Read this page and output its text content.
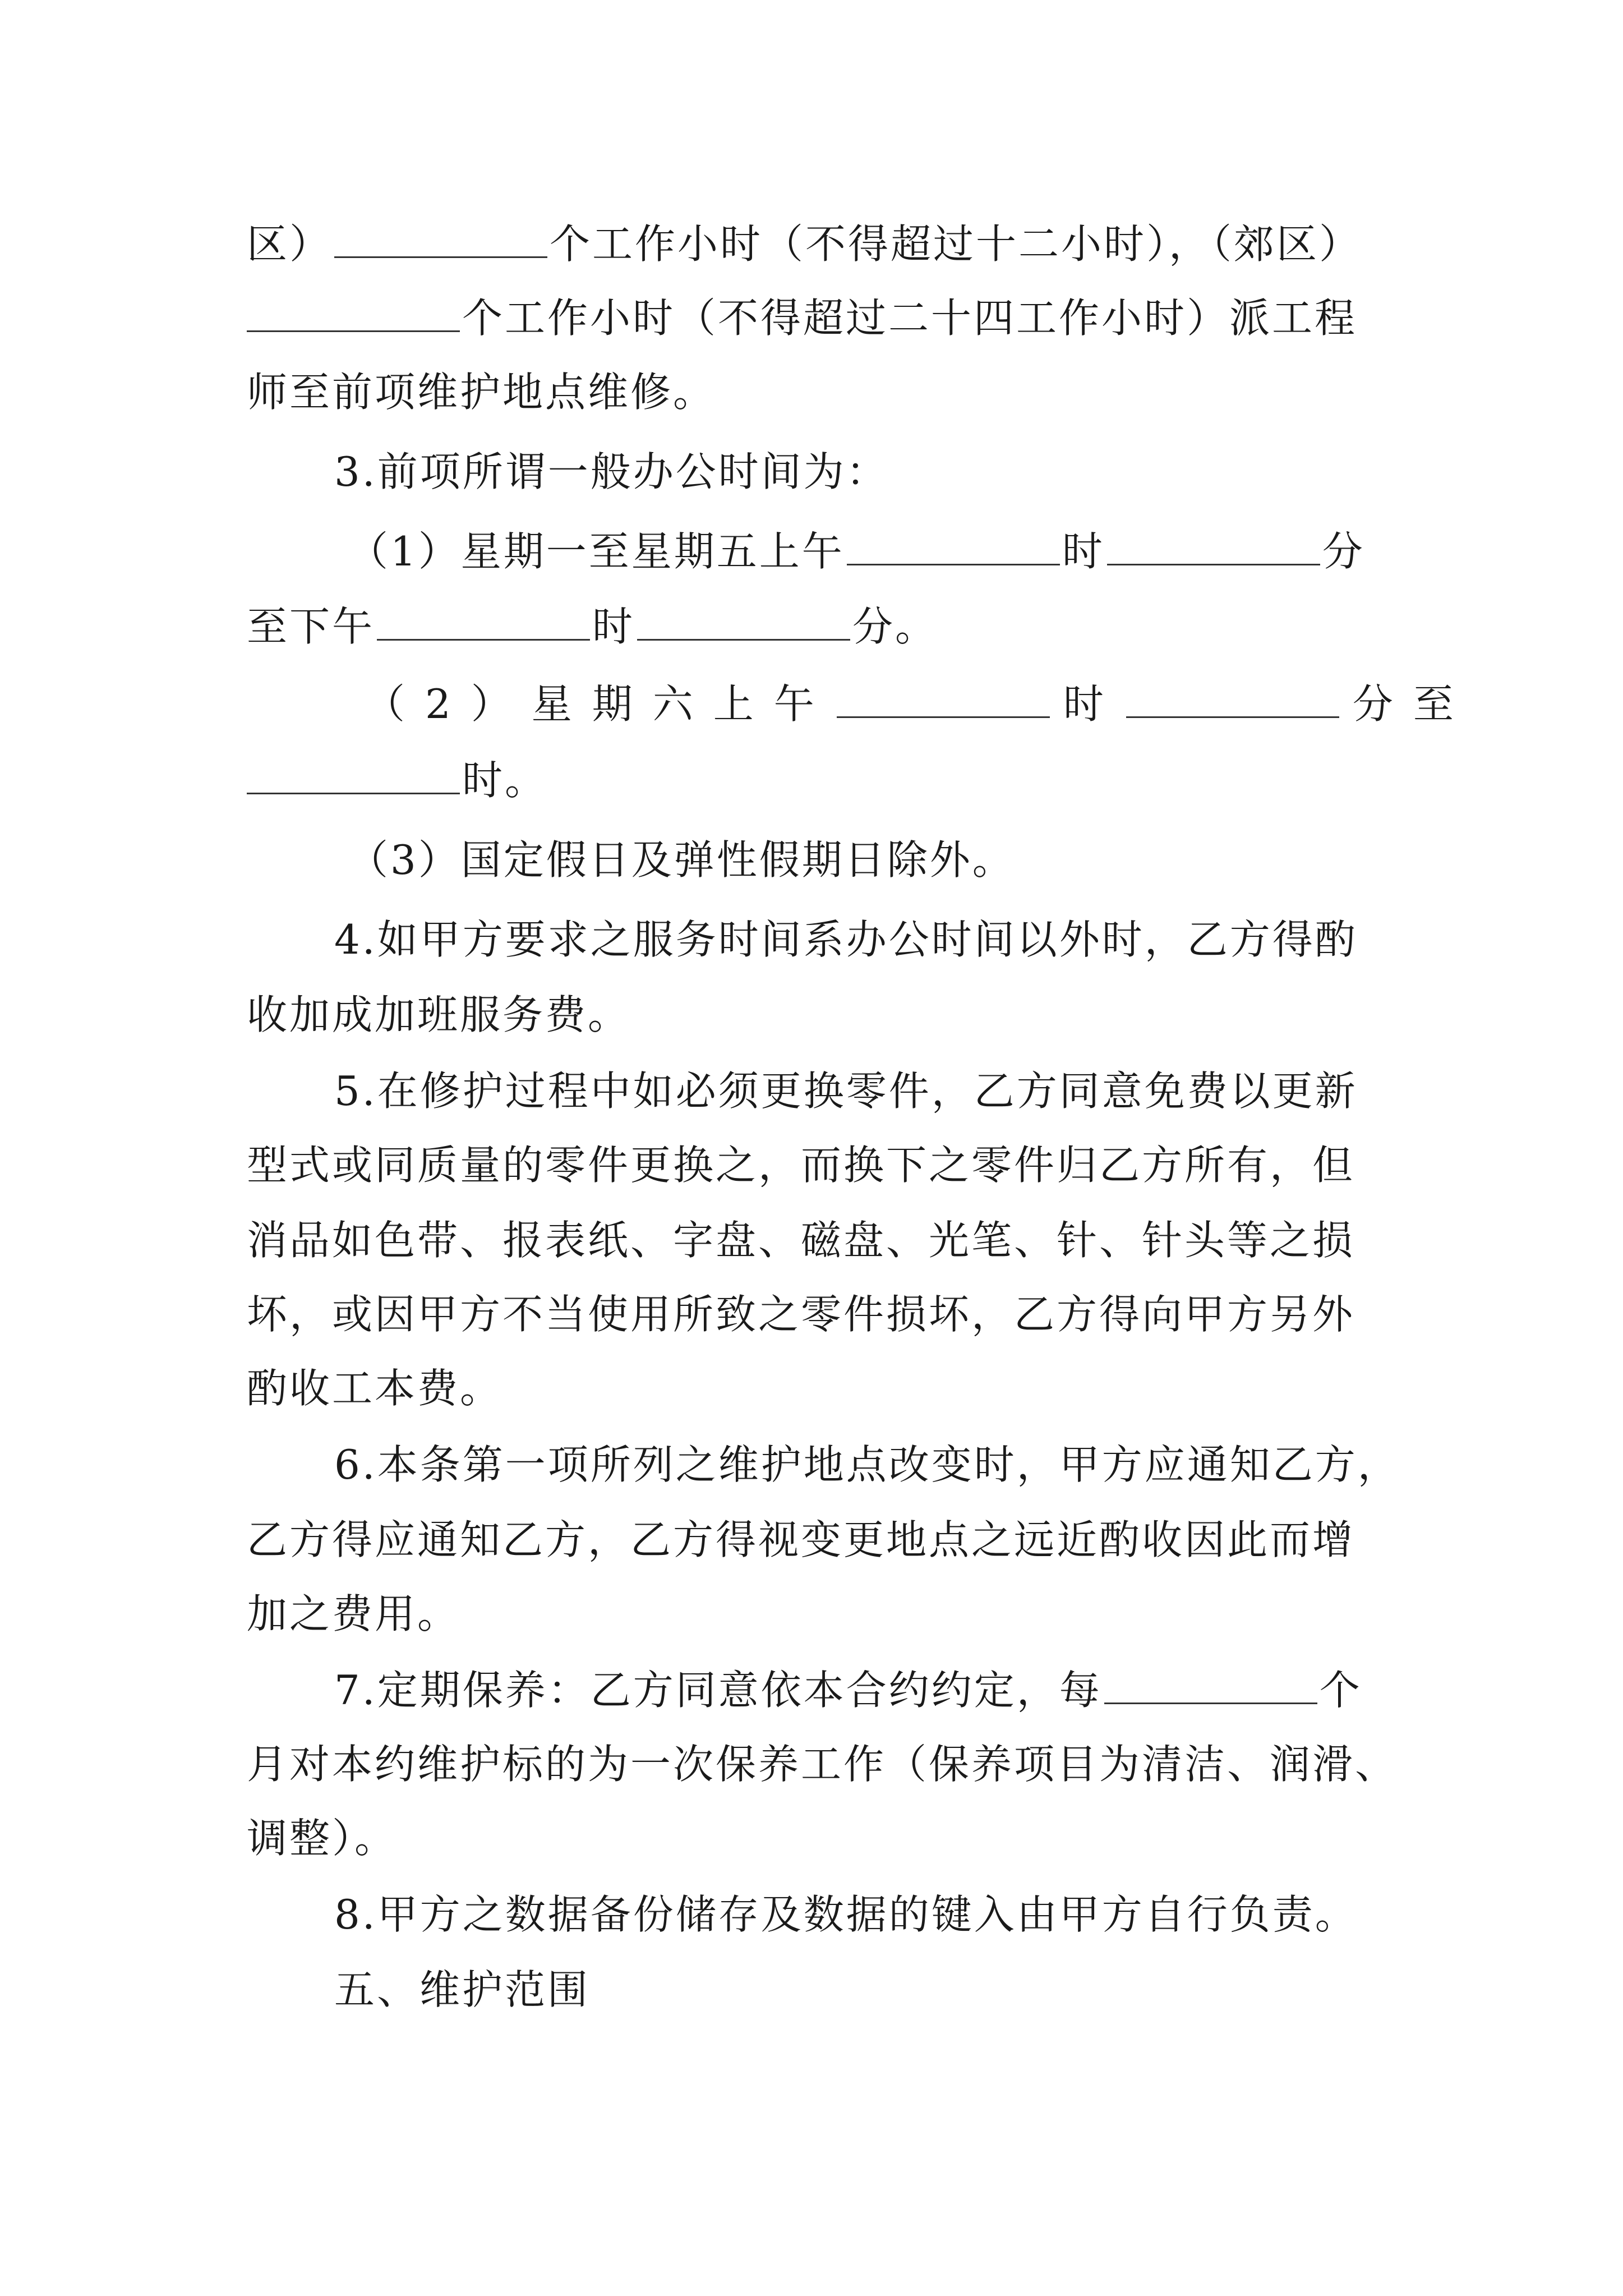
区）	个工作小时（不得超过十二小时），（郊区）
个工作小时（不得超过二十四工作小时）派工程
师至前项维护地点维修。
3.前项所谓一般办公时间为：
（1）星期一至星期五上午	时	分
至下午	时	分。
（2）星期六上午	时	分至
时。
（3）国定假日及弹性假期日除外。
4.如甲方要求之服务时间系办公时间以外时，乙方得酌
收加成加班服务费。
5.在修护过程中如必须更换零件，乙方同意免费以更新
型式或同质量的零件更换之，而换下之零件归乙方所有，但
消品如色带、报表纸、字盘、磁盘、光笔、针、针头等之损
坏，或因甲方不当使用所致之零件损坏，乙方得向甲方另外
酌收工本费。
6.本条第一项所列之维护地点改变时，甲方应通知乙方，
乙方得应通知乙方，乙方得视变更地点之远近酌收因此而增
加之费用。
7.定期保养：乙方同意依本合约约定，每	个
月对本约维护标的为一次保养工作（保养项目为清洁、润滑、
调整）。
8.甲方之数据备份储存及数据的键入由甲方自行负责。
五、维护范围
